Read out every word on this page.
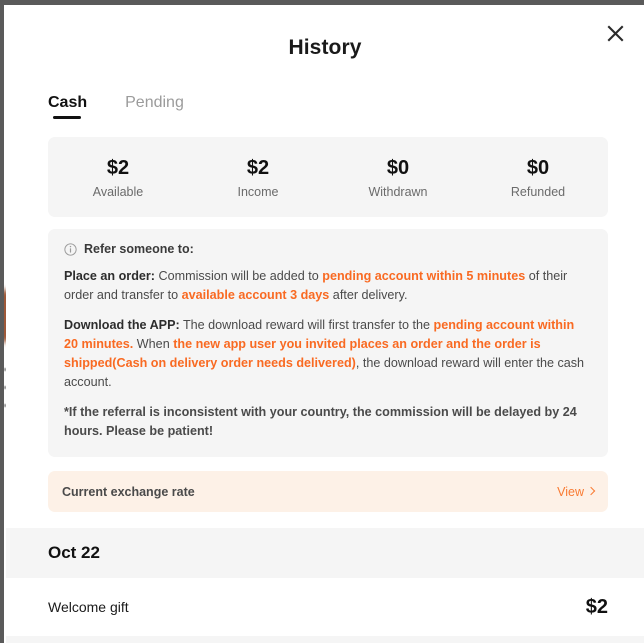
History
Cash Pending
$2
Available
$2
Income
$0
Withdrawn
$0
Refunded
Refer someone to:

Place an order: Commission will be added to pending account within 5 minutes of their order and transfer to available account 3 days after delivery.

Download the APP: The download reward will first transfer to the pending account within 20 minutes. When the new app user you invited places an order and the order is shipped(Cash on delivery order needs delivered), the download reward will enter the cash account.

*If the referral is inconsistent with your country, the commission will be delayed by 24 hours. Please be patient!

Current exchange rate	View
Oct 22
Welcome gift	$2
